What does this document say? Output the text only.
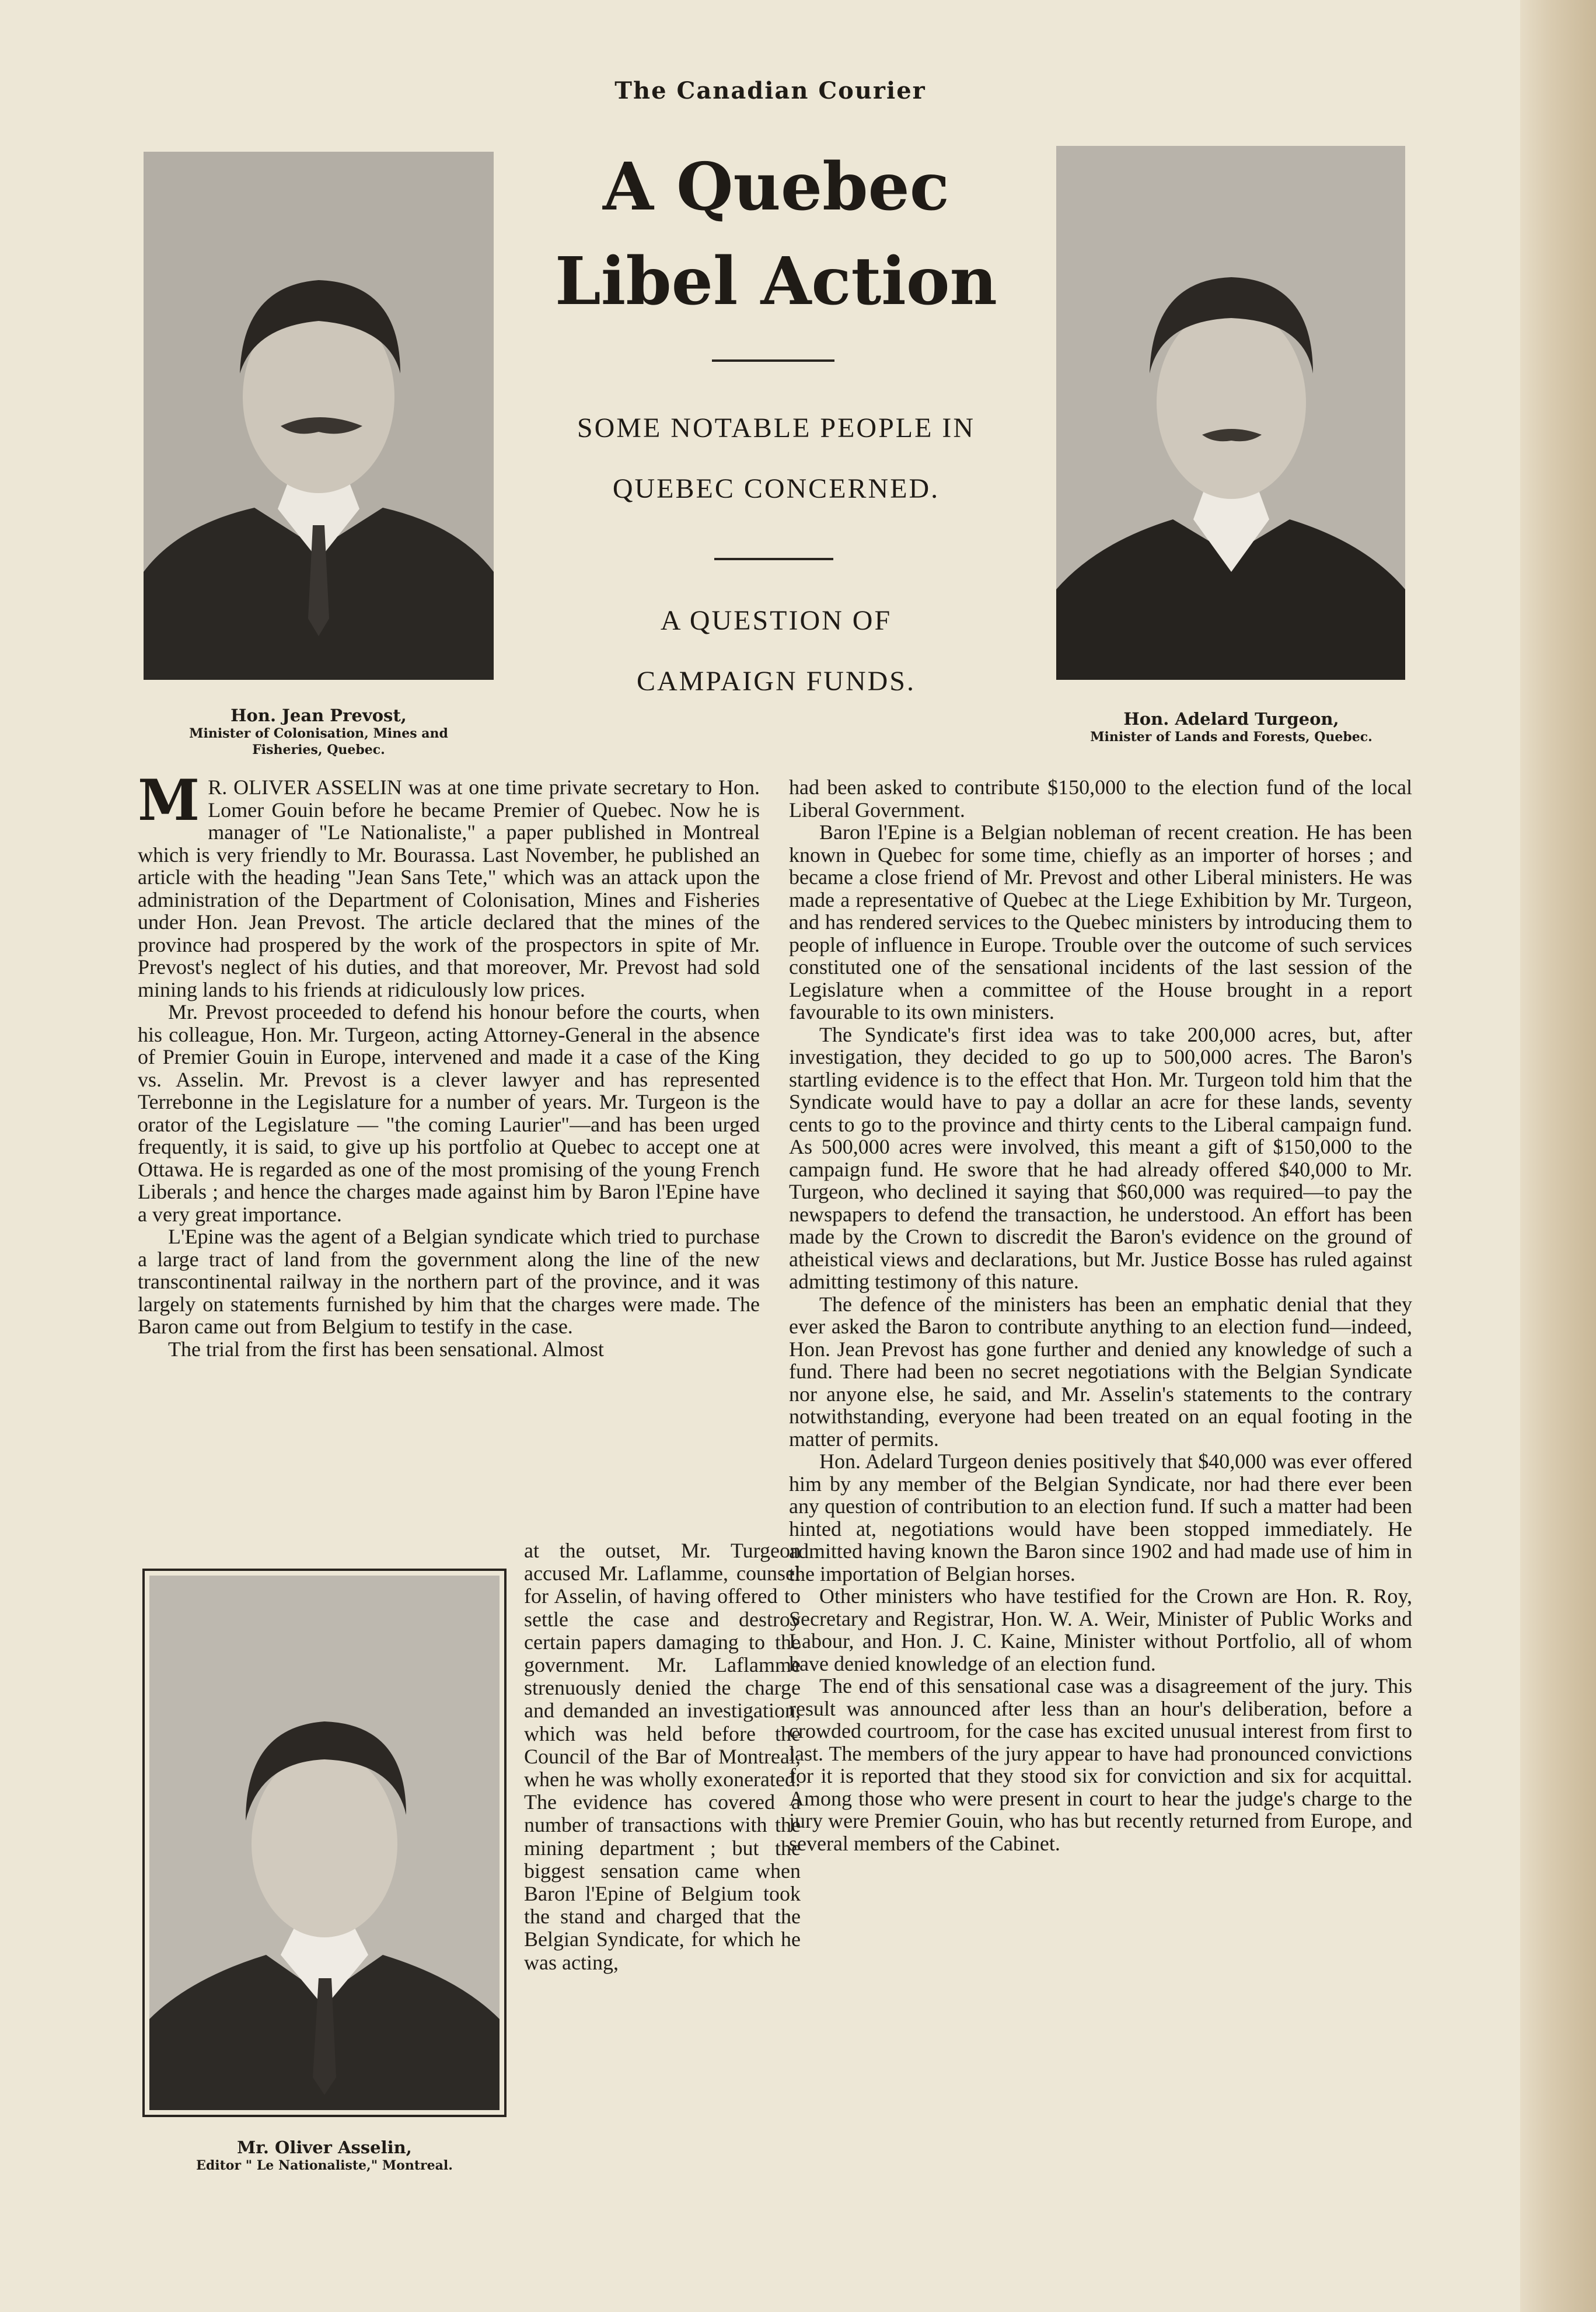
The Canadian Courier
Hon. Jean Prevost,
Minister of Colonisation, Mines and
Fisheries, Quebec.
Hon. Adelard Turgeon,
Minister of Lands and Forests, Quebec.
A Quebec
Libel Action
SOME NOTABLE PEOPLE IN
QUEBEC CONCERNED.
A QUESTION OF
CAMPAIGN FUNDS.

M R. OLIVER ASSELIN was at one time private secretary to Hon. Lomer Gouin before he became Premier of Quebec. Now he is manager of "Le Nationaliste," a paper published in Montreal which is very friendly to Mr. Bourassa. Last November, he published an article with the heading "Jean Sans Tete," which was an attack upon the administration of the Department of Colonisation, Mines and Fisheries under Hon. Jean Prevost. The article declared that the mines of the province had prospered by the work of the prospectors in spite of Mr. Prevost's neglect of his duties, and that moreover, Mr. Prevost had sold mining lands to his friends at ridiculously low prices.

Mr. Prevost proceeded to defend his honour before the courts, when his colleague, Hon. Mr. Turgeon, acting Attorney-General in the absence of Premier Gouin in Europe, intervened and made it a case of the King vs. Asselin. Mr. Prevost is a clever lawyer and has represented Terrebonne in the Legislature for a number of years. Mr. Turgeon is the orator of the Legislature — "the coming Laurier"—and has been urged frequently, it is said, to give up his portfolio at Quebec to accept one at Ottawa. He is regarded as one of the most promising of the young French Liberals ; and hence the charges made against him by Baron l'Epine have a very great importance.

L'Epine was the agent of a Belgian syndicate which tried to purchase a large tract of land from the government along the line of the new transcontinental railway in the northern part of the province, and it was largely on statements furnished by him that the charges were made. The Baron came out from Belgium to testify in the case.

The trial from the first has been sensational. Almost

Mr. Oliver Asselin,
Editor " Le Nationaliste," Montreal.
at the outset, Mr. Turgeon accused Mr. Laflamme, counsel for Asselin, of having offered to settle the case and destroy certain papers damaging to the government. Mr. Laflamme strenuously denied the charge and demanded an investigation, which was held before the Council of the Bar of Montreal, when he was wholly exonerated. The evidence has covered a number of transactions with the mining department ; but the biggest sensation came when Baron l'Epine of Belgium took the stand and charged that the Belgian Syndicate, for which he was acting,

had been asked to contribute $150,000 to the election fund of the local Liberal Government.

Baron l'Epine is a Belgian nobleman of recent creation. He has been known in Quebec for some time, chiefly as an importer of horses ; and became a close friend of Mr. Prevost and other Liberal ministers. He was made a representative of Quebec at the Liege Exhibition by Mr. Turgeon, and has rendered services to the Quebec ministers by introducing them to people of influence in Europe. Trouble over the outcome of such services constituted one of the sensational incidents of the last session of the Legislature when a committee of the House brought in a report favourable to its own ministers.

The Syndicate's first idea was to take 200,000 acres, but, after investigation, they decided to go up to 500,000 acres. The Baron's startling evidence is to the effect that Hon. Mr. Turgeon told him that the Syndicate would have to pay a dollar an acre for these lands, seventy cents to go to the province and thirty cents to the Liberal campaign fund. As 500,000 acres were involved, this meant a gift of $150,000 to the campaign fund. He swore that he had already offered $40,000 to Mr. Turgeon, who declined it saying that $60,000 was required—to pay the newspapers to defend the transaction, he understood. An effort has been made by the Crown to discredit the Baron's evidence on the ground of atheistical views and declarations, but Mr. Justice Bosse has ruled against admitting testimony of this nature.

The defence of the ministers has been an emphatic denial that they ever asked the Baron to contribute anything to an election fund—indeed, Hon. Jean Prevost has gone further and denied any knowledge of such a fund. There had been no secret negotiations with the Belgian Syndicate nor anyone else, he said, and Mr. Asselin's statements to the contrary notwithstanding, everyone had been treated on an equal footing in the matter of permits.

Hon. Adelard Turgeon denies positively that $40,000 was ever offered him by any member of the Belgian Syndicate, nor had there ever been any question of contribution to an election fund. If such a matter had been hinted at, negotiations would have been stopped immediately. He admitted having known the Baron since 1902 and had made use of him in the importation of Belgian horses.

Other ministers who have testified for the Crown are Hon. R. Roy, Secretary and Registrar, Hon. W. A. Weir, Minister of Public Works and Labour, and Hon. J. C. Kaine, Minister without Portfolio, all of whom have denied knowledge of an election fund.

The end of this sensational case was a disagreement of the jury. This result was announced after less than an hour's deliberation, before a crowded courtroom, for the case has excited unusual interest from first to last. The members of the jury appear to have had pronounced convictions for it is reported that they stood six for conviction and six for acquittal. Among those who were present in court to hear the judge's charge to the jury were Premier Gouin, who has but recently returned from Europe, and several members of the Cabinet.
